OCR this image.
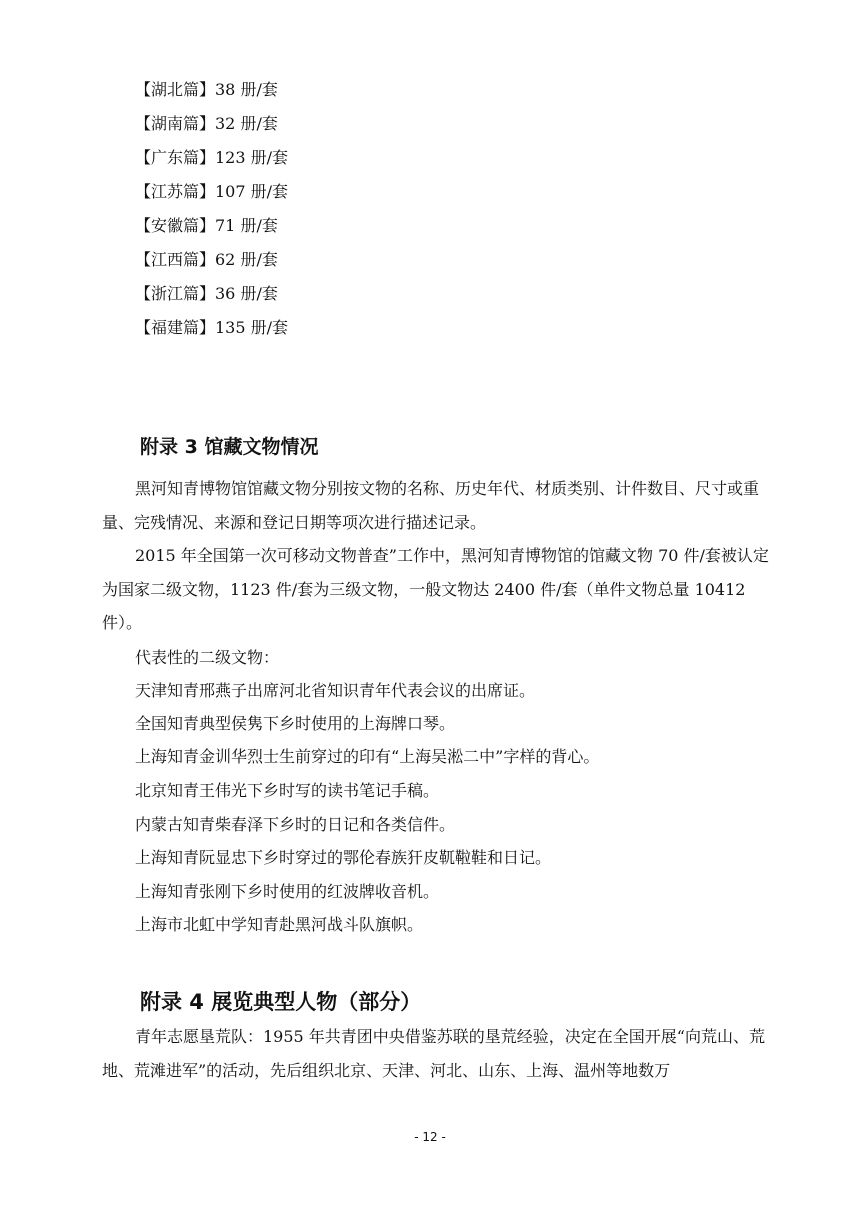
【湖北篇】38 册/套
【湖南篇】32 册/套
【广东篇】123 册/套
【江苏篇】107 册/套
【安徽篇】71 册/套
【江西篇】62 册/套
【浙江篇】36 册/套
【福建篇】135 册/套
附录 3 馆藏文物情况
黑河知青博物馆馆藏文物分别按文物的名称、历史年代、材质类别、计件数目、尺寸或重量、完残情况、来源和登记日期等项次进行描述记录。
2015 年全国第一次可移动文物普查”工作中，黑河知青博物馆的馆藏文物 70 件/套被认定为国家二级文物，1123 件/套为三级文物，一般文物达 2400 件/套（单件文物总量 10412 件）。
代表性的二级文物：
天津知青邢燕子出席河北省知识青年代表会议的出席证。
全国知青典型侯隽下乡时使用的上海牌口琴。
上海知青金训华烈士生前穿过的印有“上海吴淞二中”字样的背心。
北京知青王伟光下乡时写的读书笔记手稿。
内蒙古知青柴春泽下乡时的日记和各类信件。
上海知青阮显忠下乡时穿过的鄂伦春族犴皮靰鞡鞋和日记。
上海知青张刚下乡时使用的红波牌收音机。
上海市北虹中学知青赴黑河战斗队旗帜。
附录 4 展览典型人物（部分）
青年志愿垦荒队：1955 年共青团中央借鉴苏联的垦荒经验，决定在全国开展“向荒山、荒地、荒滩进军”的活动，先后组织北京、天津、河北、山东、上海、温州等地数万
- 12 -
